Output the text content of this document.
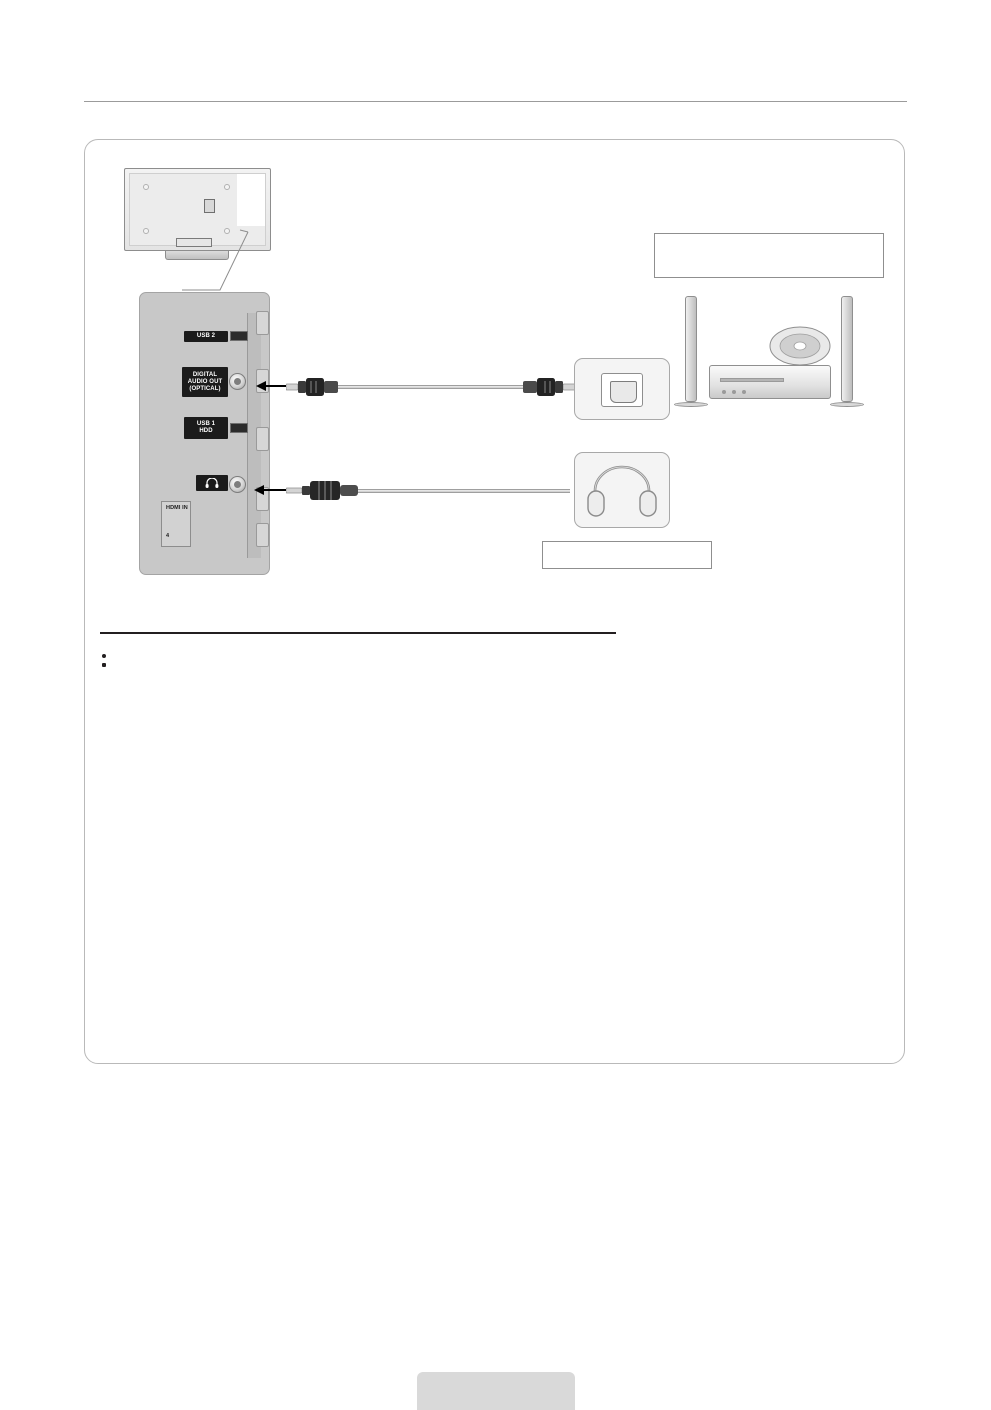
USB 2
DIGITAL
AUDIO OUT
(OPTICAL)
USB 1
HDD
HDMI IN
4
